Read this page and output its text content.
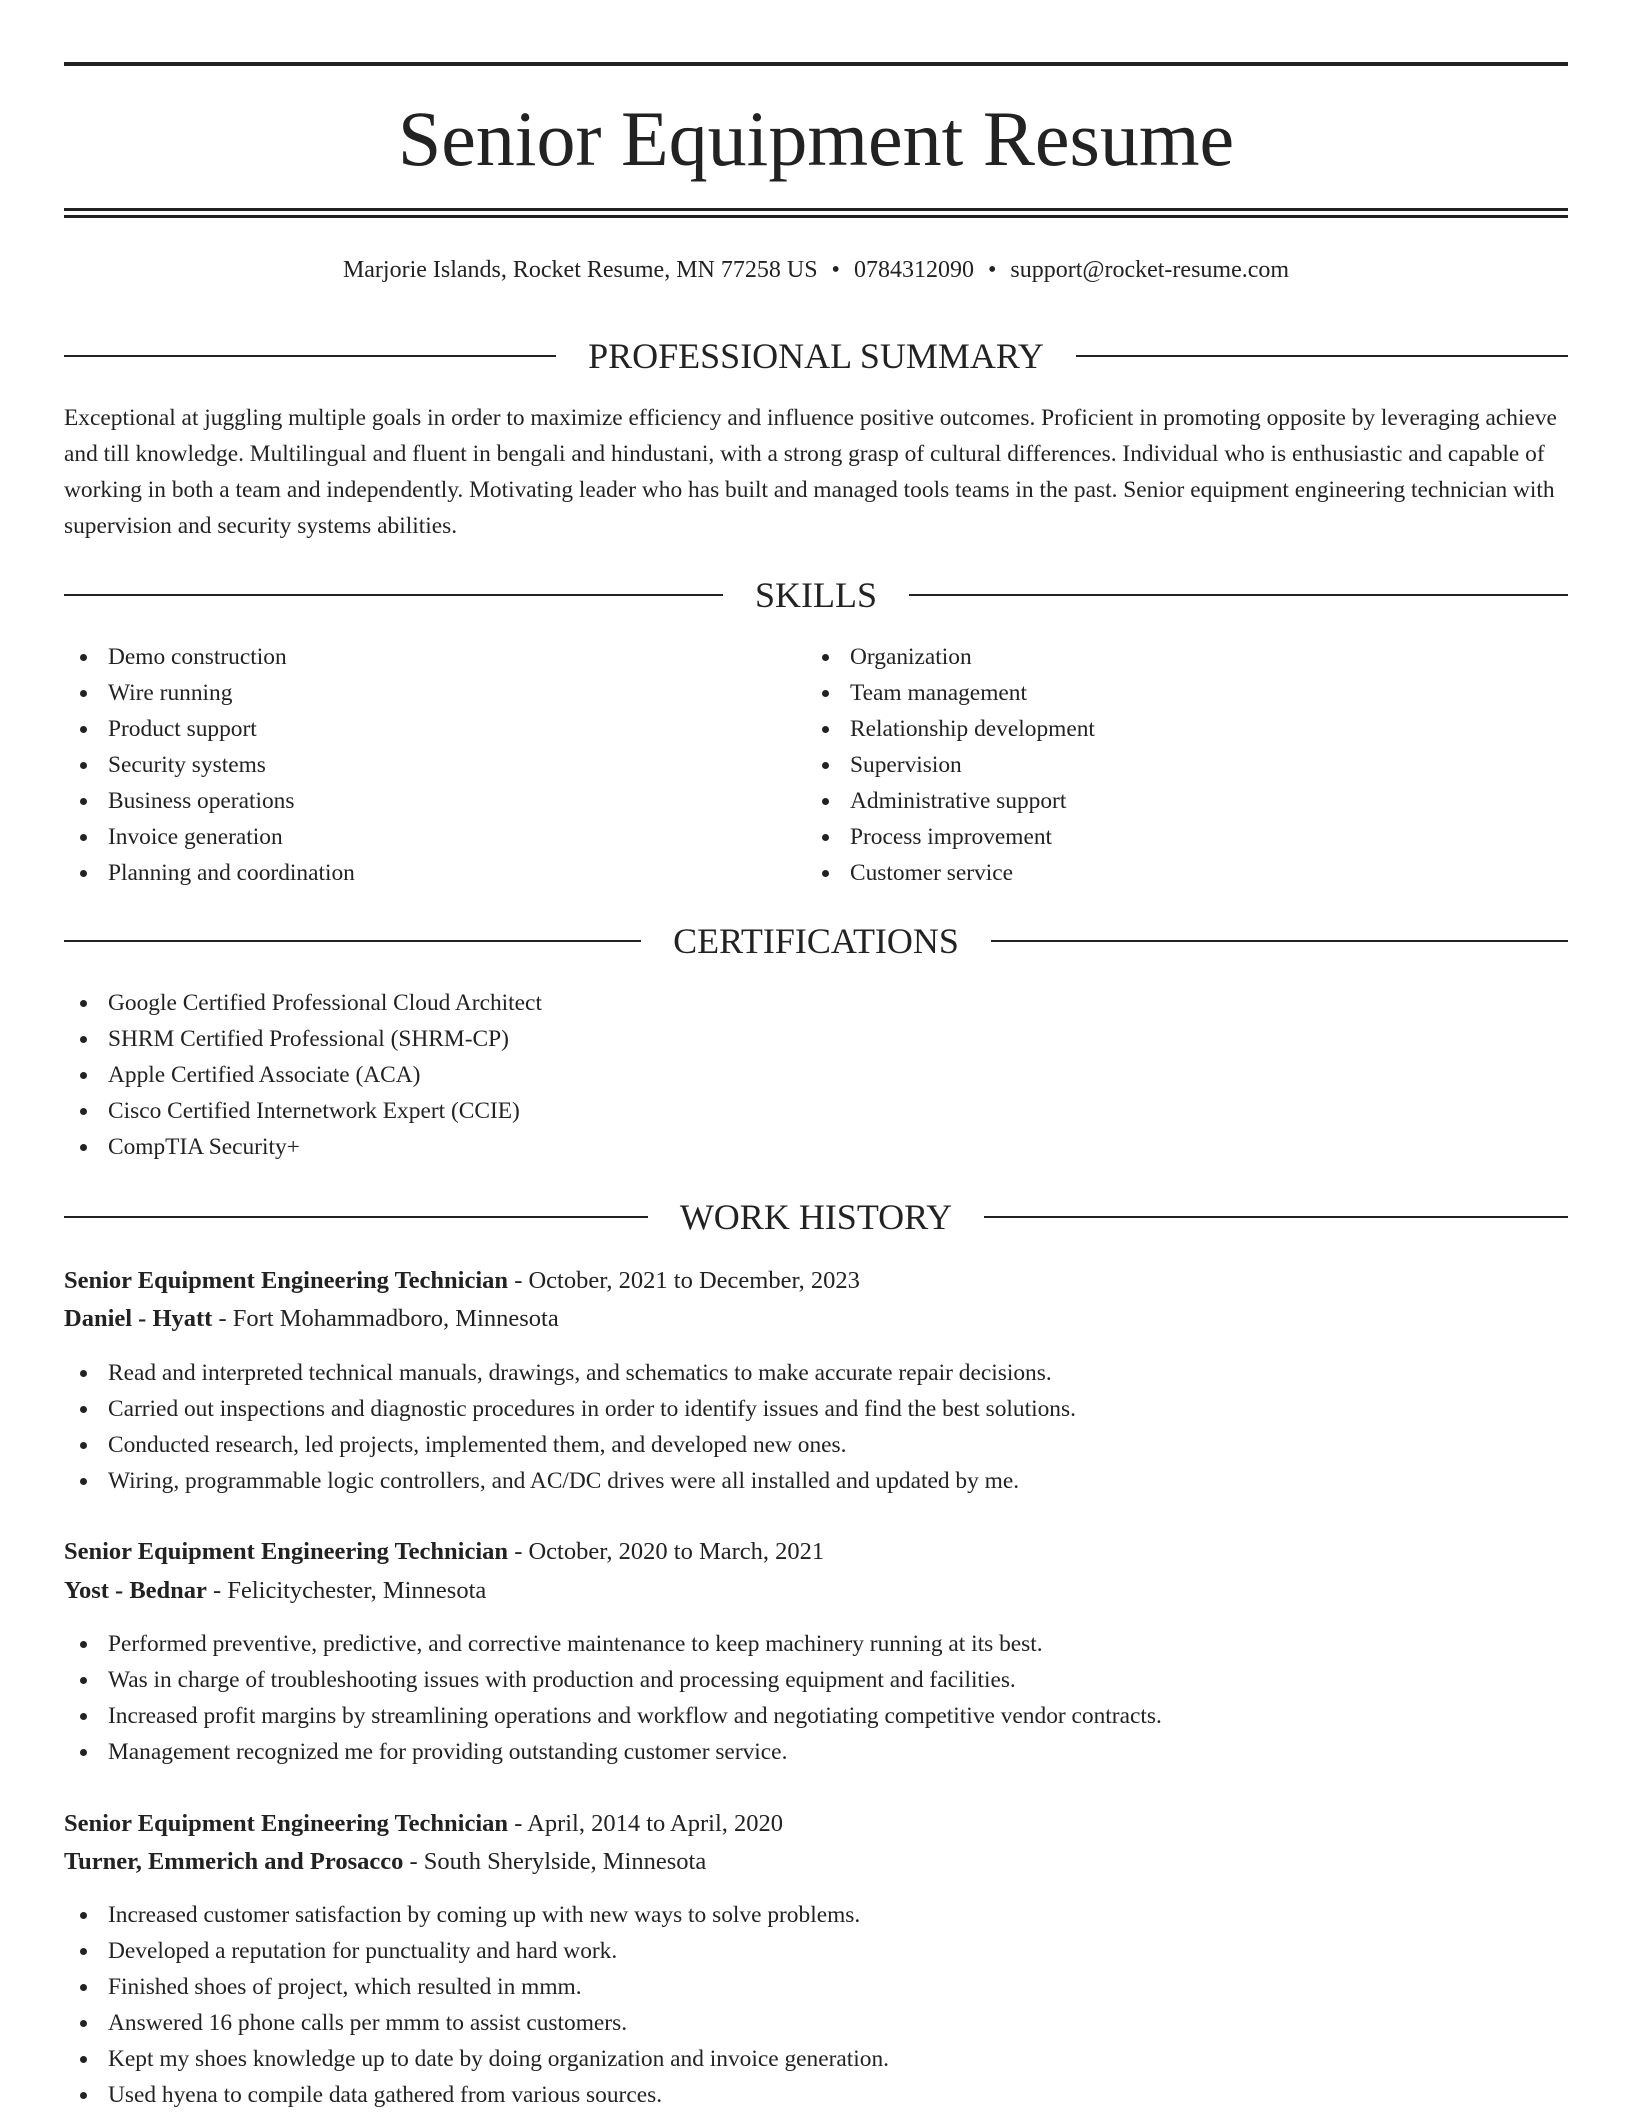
Senior Equipment Resume
Marjorie Islands, Rocket Resume, MN 77258 US • 0784312090 • support@rocket-resume.com
PROFESSIONAL SUMMARY

Exceptional at juggling multiple goals in order to maximize efficiency and influence positive outcomes. Proficient in promoting opposite by leveraging achieve and till knowledge. Multilingual and fluent in bengali and hindustani, with a strong grasp of cultural differences. Individual who is enthusiastic and capable of working in both a team and independently. Motivating leader who has built and managed tools teams in the past. Senior equipment engineering technician with supervision and security systems abilities.

SKILLS
Demo construction
Wire running
Product support
Security systems
Business operations
Invoice generation
Planning and coordination
Organization
Team management
Relationship development
Supervision
Administrative support
Process improvement
Customer service
CERTIFICATIONS
Google Certified Professional Cloud Architect
SHRM Certified Professional (SHRM-CP)
Apple Certified Associate (ACA)
Cisco Certified Internetwork Expert (CCIE)
CompTIA Security+
WORK HISTORY
Senior Equipment Engineering Technician - October, 2021 to December, 2023
Daniel - Hyatt - Fort Mohammadboro, Minnesota
Read and interpreted technical manuals, drawings, and schematics to make accurate repair decisions.
Carried out inspections and diagnostic procedures in order to identify issues and find the best solutions.
Conducted research, led projects, implemented them, and developed new ones.
Wiring, programmable logic controllers, and AC/DC drives were all installed and updated by me.
Senior Equipment Engineering Technician - October, 2020 to March, 2021
Yost - Bednar - Felicitychester, Minnesota
Performed preventive, predictive, and corrective maintenance to keep machinery running at its best.
Was in charge of troubleshooting issues with production and processing equipment and facilities.
Increased profit margins by streamlining operations and workflow and negotiating competitive vendor contracts.
Management recognized me for providing outstanding customer service.
Senior Equipment Engineering Technician - April, 2014 to April, 2020
Turner, Emmerich and Prosacco - South Sherylside, Minnesota
Increased customer satisfaction by coming up with new ways to solve problems.
Developed a reputation for punctuality and hard work.
Finished shoes of project, which resulted in mmm.
Answered 16 phone calls per mmm to assist customers.
Kept my shoes knowledge up to date by doing organization and invoice generation.
Used hyena to compile data gathered from various sources.
